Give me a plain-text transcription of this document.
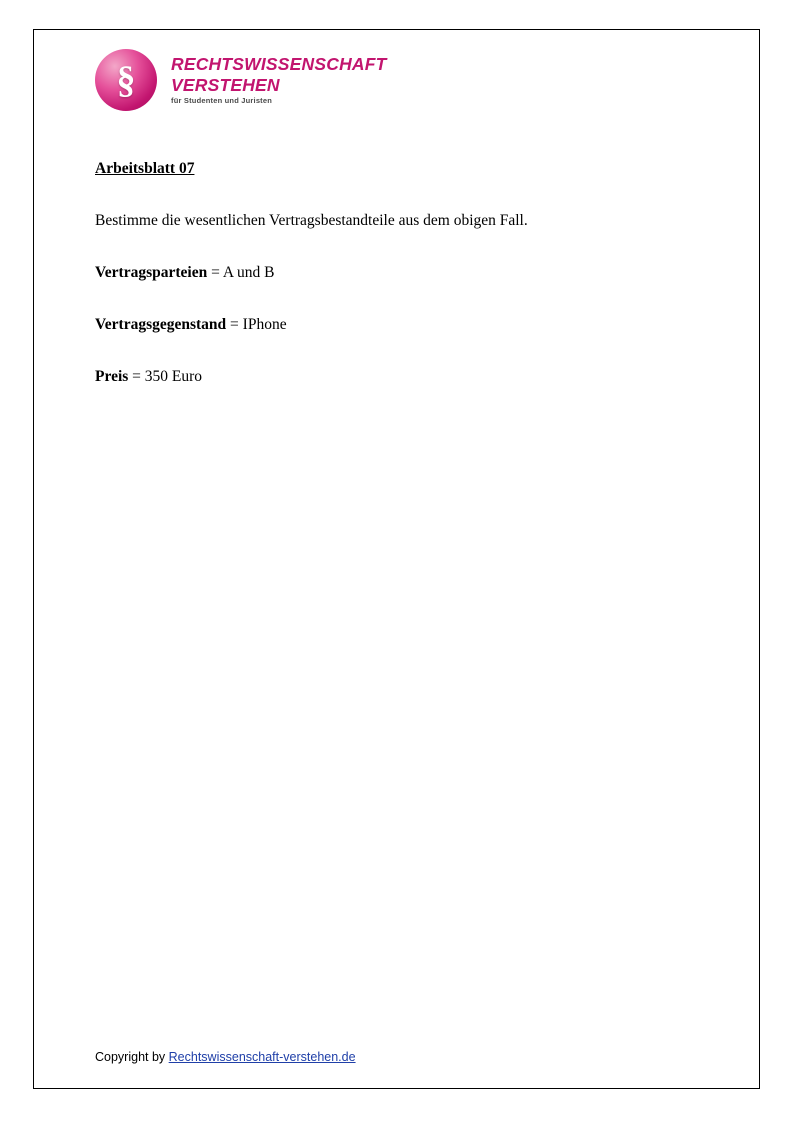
§	RECHTSWISSENSCHAFT
VERSTEHEN
für Studenten und Juristen
Arbeitsblatt 07
Bestimme die wesentlichen Vertragsbestandteile aus dem obigen Fall.
Vertragsparteien = A und B
Vertragsgegenstand = IPhone
Preis = 350 Euro
Copyright by Rechtswissenschaft-verstehen.de
